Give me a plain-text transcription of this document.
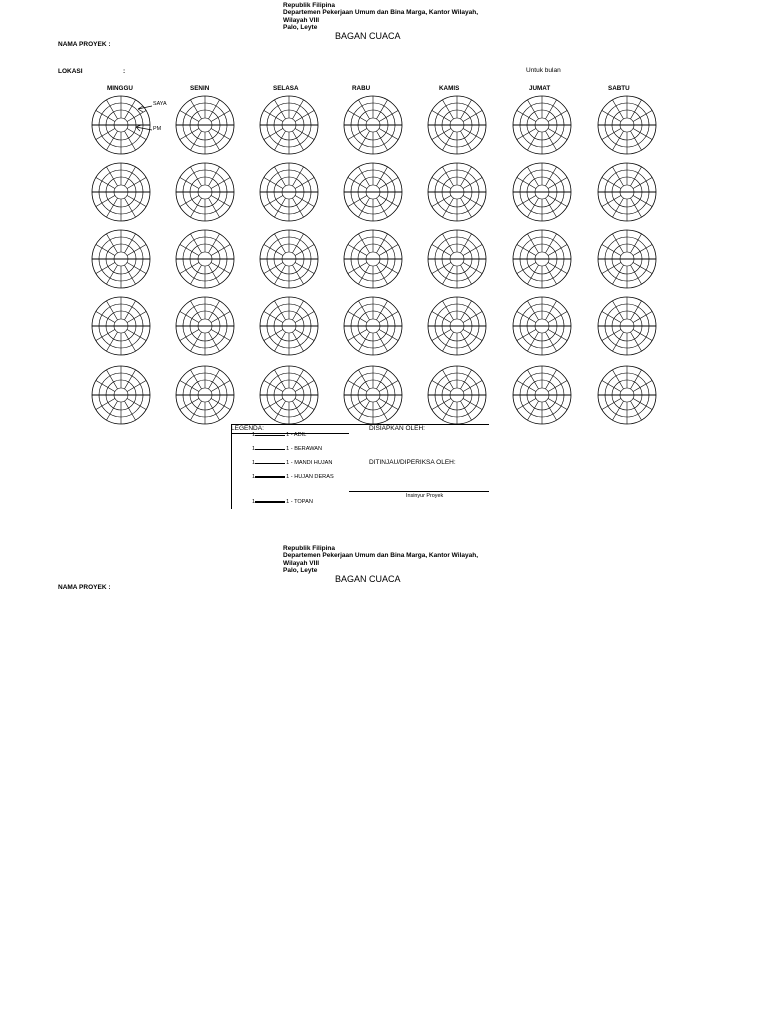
Republik Filipina
Departemen Pekerjaan Umum dan Bina Marga, Kantor Wilayah,
Wilayah VIII
Palo, Leyte
BAGAN CUACA
NAMA PROYEK :
LOKASI	:	Untuk bulan
MINGGU	SENIN	SELASA	RABU	KAMIS	JUMAT	SABTU
SAYA
PM
LEGENDA:
1	1 - ADIL
1	1 - BERAWAN
1	1 - MANDI HUJAN
1	1 - HUJAN DERAS
1	1 - TOPAN
DISIAPKAN OLEH:
DITINJAU/DIPERIKSA OLEH:
Insinyur Proyek
Republik Filipina
Departemen Pekerjaan Umum dan Bina Marga, Kantor Wilayah,
Wilayah VIII
Palo, Leyte
BAGAN CUACA
NAMA PROYEK :
